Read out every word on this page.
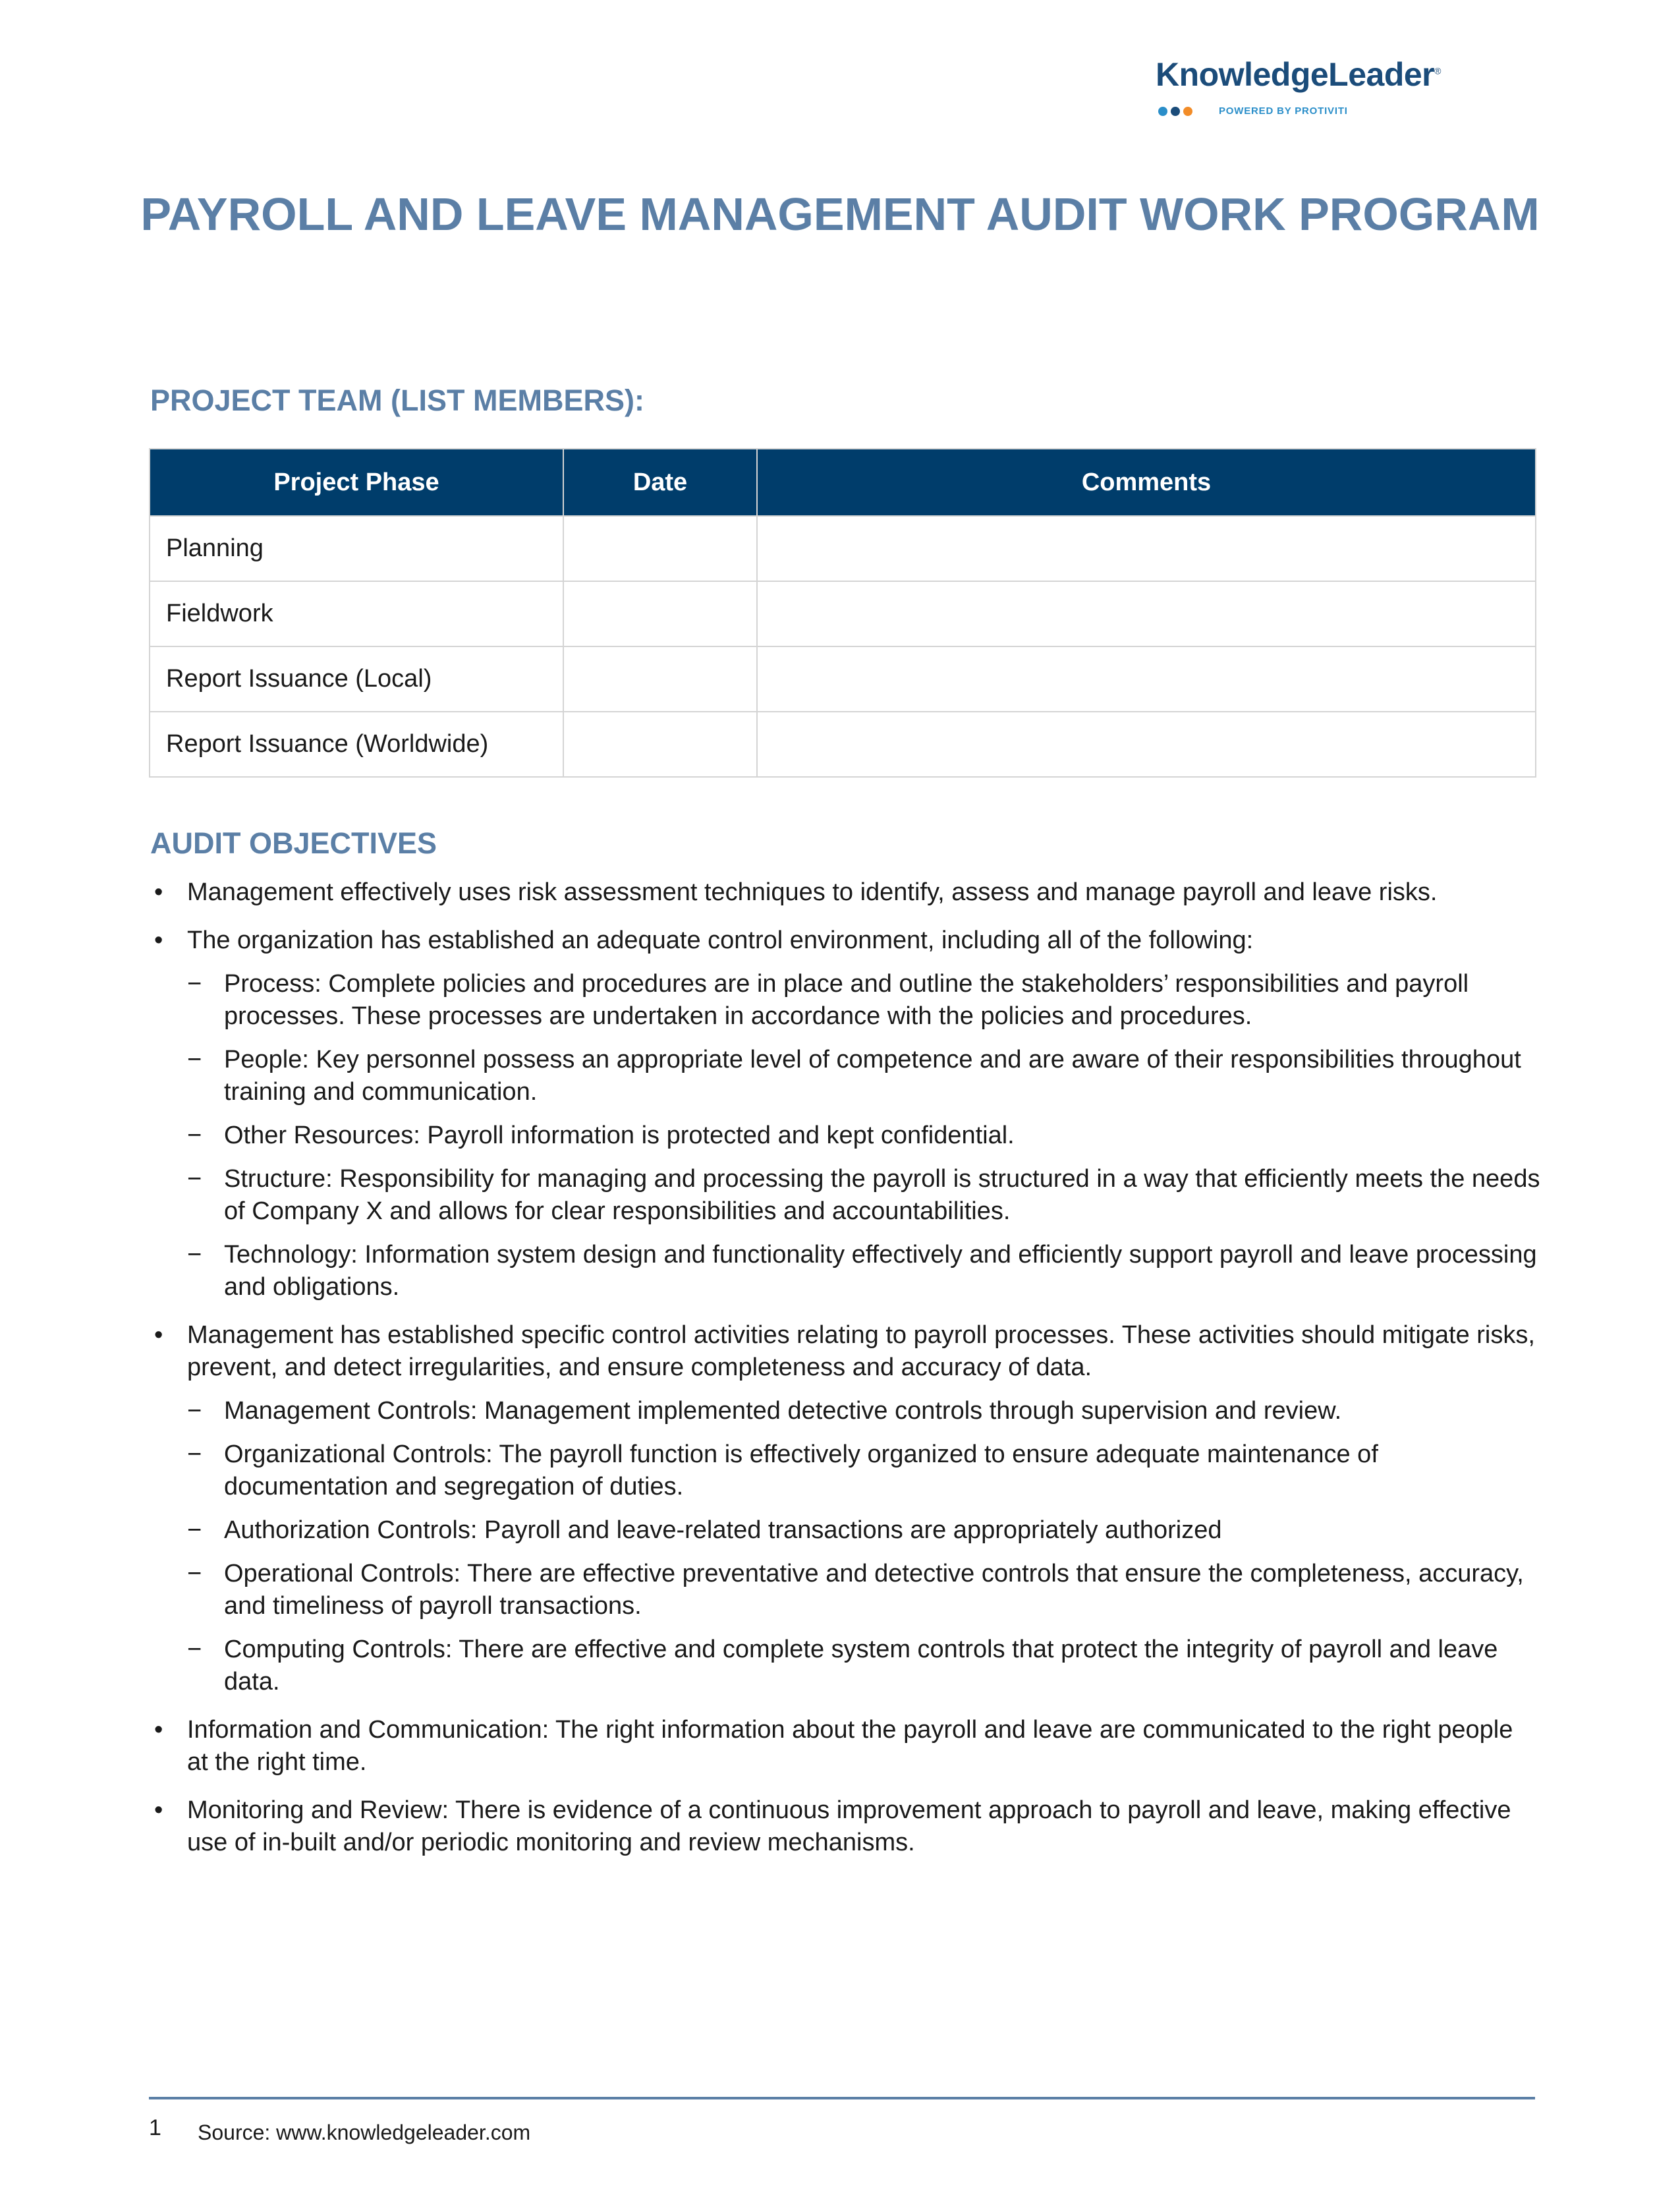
KnowledgeLeader®
POWERED BY PROTIVITI
PAYROLL AND LEAVE MANAGEMENT AUDIT WORK PROGRAM
PROJECT TEAM (LIST MEMBERS):
Project Phase	Date	Comments
Planning		
Fieldwork		
Report Issuance (Local)		
Report Issuance (Worldwide)		
AUDIT OBJECTIVES
• Management effectively uses risk assessment techniques to identify, assess and manage payroll and leave risks.
• The organization has established an adequate control environment, including all of the following:
− Process: Complete policies and procedures are in place and outline the stakeholders’ responsibilities and payroll processes. These processes are undertaken in accordance with the policies and procedures.
− People: Key personnel possess an appropriate level of competence and are aware of their responsibilities throughout training and communication.
− Other Resources: Payroll information is protected and kept confidential.
− Structure: Responsibility for managing and processing the payroll is structured in a way that efficiently meets the needs of Company X and allows for clear responsibilities and accountabilities.
− Technology: Information system design and functionality effectively and efficiently support payroll and leave processing and obligations.
• Management has established specific control activities relating to payroll processes. These activities should mitigate risks, prevent, and detect irregularities, and ensure completeness and accuracy of data.
− Management Controls: Management implemented detective controls through supervision and review.
− Organizational Controls: The payroll function is effectively organized to ensure adequate maintenance of documentation and segregation of duties.
− Authorization Controls: Payroll and leave-related transactions are appropriately authorized
− Operational Controls: There are effective preventative and detective controls that ensure the completeness, accuracy, and timeliness of payroll transactions.
− Computing Controls: There are effective and complete system controls that protect the integrity of payroll and leave data.
• Information and Communication: The right information about the payroll and leave are communicated to the right people at the right time.
• Monitoring and Review: There is evidence of a continuous improvement approach to payroll and leave, making effective use of in-built and/or periodic monitoring and review mechanisms.
1 Source: www.knowledgeleader.com
